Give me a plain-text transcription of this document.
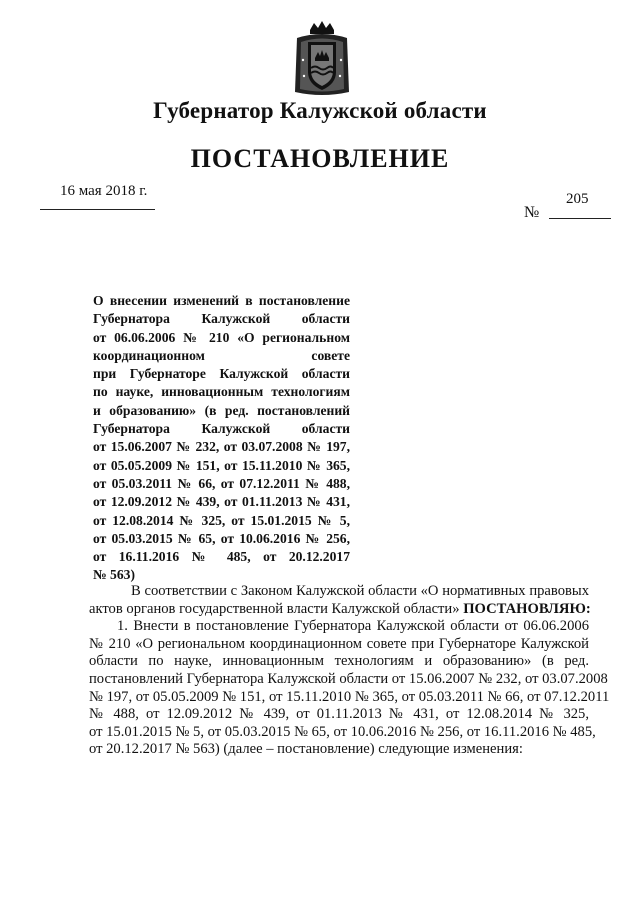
Губернатор Калужской области
ПОСТАНОВЛЕНИЕ
16 мая 2018 г.	205
№
О внесении изменений в постановление
Губернатора Калужской области
от 06.06.2006 № 210 «О региональном
координационном совете
при Губернаторе Калужской области
по науке, инновационным технологиям
и образованию» (в ред. постановлений
Губернатора Калужской области
от 15.06.2007 № 232, от 03.07.2008 № 197,
от 05.05.2009 № 151, от 15.11.2010 № 365,
от 05.03.2011 № 66, от 07.12.2011 № 488,
от 12.09.2012 № 439, от 01.11.2013 № 431,
от 12.08.2014 № 325, от 15.01.2015 № 5,
от 05.03.2015 № 65, от 10.06.2016 № 256,
от 16.11.2016 № 485, от 20.12.2017
№ 563)
В соответствии с Законом Калужской области «О нормативных правовых
актов органов государственной власти Калужской области» ПОСТАНОВЛЯЮ:
1. Внести в постановление Губернатора Калужской области от 06.06.2006
№ 210 «О региональном координационном совете при Губернаторе Калужской
области по науке, инновационным технологиям и образованию» (в ред.
постановлений Губернатора Калужской области от 15.06.2007 № 232, от 03.07.2008
№ 197, от 05.05.2009 № 151, от 15.11.2010 № 365, от 05.03.2011 № 66, от 07.12.2011
№ 488, от 12.09.2012 № 439, от 01.11.2013 № 431, от 12.08.2014 № 325,
от 15.01.2015 № 5, от 05.03.2015 № 65, от 10.06.2016 № 256, от 16.11.2016 № 485,
от 20.12.2017 № 563) (далее – постановление) следующие изменения:
